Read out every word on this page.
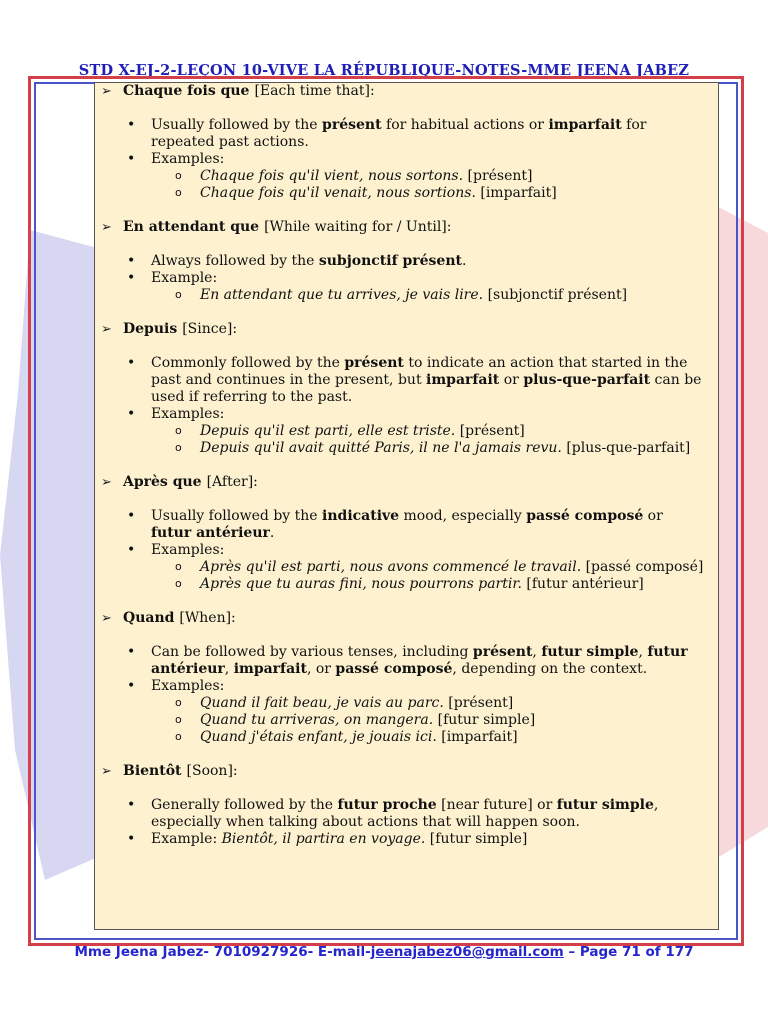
STD X-EJ-2-LEÇON 10-VIVE LA RÉPUBLIQUE-NOTES-MME JEENA JABEZ
➢ Chaque fois que [Each time that]:
• Usually followed by the présent for habitual actions or imparfait for repeated past actions.
• Examples:
o Chaque fois qu'il vient, nous sortons. [présent]
o Chaque fois qu'il venait, nous sortions. [imparfait]
➢ En attendant que [While waiting for / Until]:
• Always followed by the subjonctif présent.
• Example:
o En attendant que tu arrives, je vais lire. [subjonctif présent]
➢ Depuis [Since]:
• Commonly followed by the présent to indicate an action that started in the past and continues in the present, but imparfait or plus-que-parfait can be used if referring to the past.
• Examples:
o Depuis qu'il est parti, elle est triste. [présent]
o Depuis qu'il avait quitté Paris, il ne l'a jamais revu. [plus-que-parfait]
➢ Après que [After]:
• Usually followed by the indicative mood, especially passé composé or futur antérieur.
• Examples:
o Après qu'il est parti, nous avons commencé le travail. [passé composé]
o Après que tu auras fini, nous pourrons partir. [futur antérieur]
➢ Quand [When]:
• Can be followed by various tenses, including présent, futur simple, futur antérieur, imparfait, or passé composé, depending on the context.
• Examples:
o Quand il fait beau, je vais au parc. [présent]
o Quand tu arriveras, on mangera. [futur simple]
o Quand j'étais enfant, je jouais ici. [imparfait]
➢ Bientôt [Soon]:
• Generally followed by the futur proche [near future] or futur simple, especially when talking about actions that will happen soon.
• Example: Bientôt, il partira en voyage. [futur simple]
Mme Jeena Jabez- 7010927926- E-mail-jeenajabez06@gmail.com – Page 71 of 177
